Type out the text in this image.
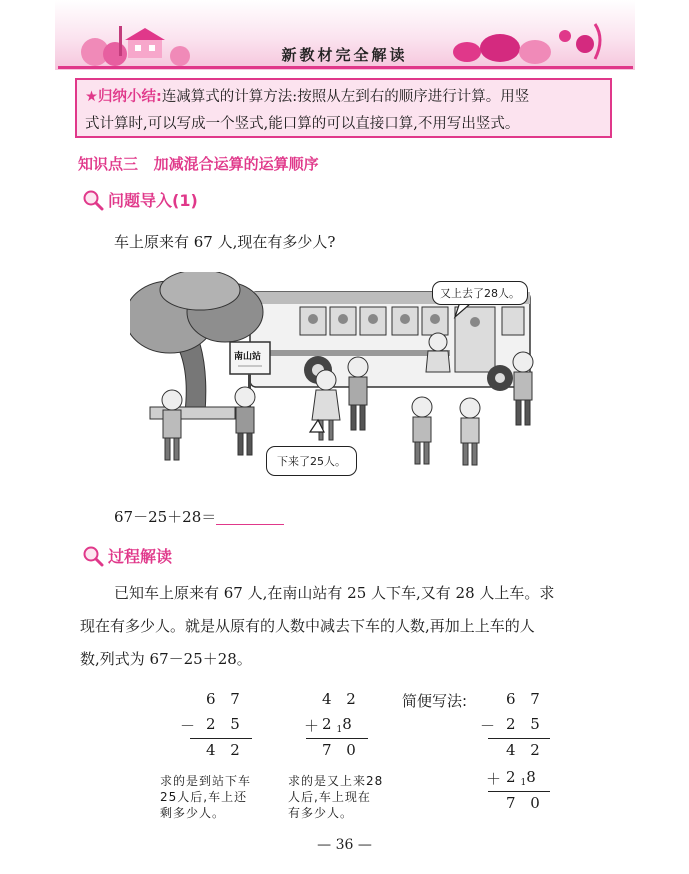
新教材完全解读
★归纳小结:连减算式的计算方法:按照从左到右的顺序进行计算。用竖
式计算时,可以写成一个竖式,能口算的可以直接口算,不用写出竖式。
知识点三   加减混合运算的运算顺序
问题导入(1)
车上原来有 67 人,现在有多少人?
南山站
又上去了28人。
下来了25人。
67－25＋28＝
过程解读
已知车上原来有 67 人,在南山站有 25 人下车,又有 28 人上车。求
现在有多少人。就是从原有的人数中减去下车的人数,再加上上车的人
数,列式为 67－25＋28。
6 7
－ 2 5
4 2
求的是到站下车
25人后,车上还
剩多少人。
4 2
＋
$2_18$
7 0
求的是又上来28
人后,车上现在
有多少人。
简便写法:	6 7
－ 2 5
4 2
＋ $2_18$
7 0
— 36 —
